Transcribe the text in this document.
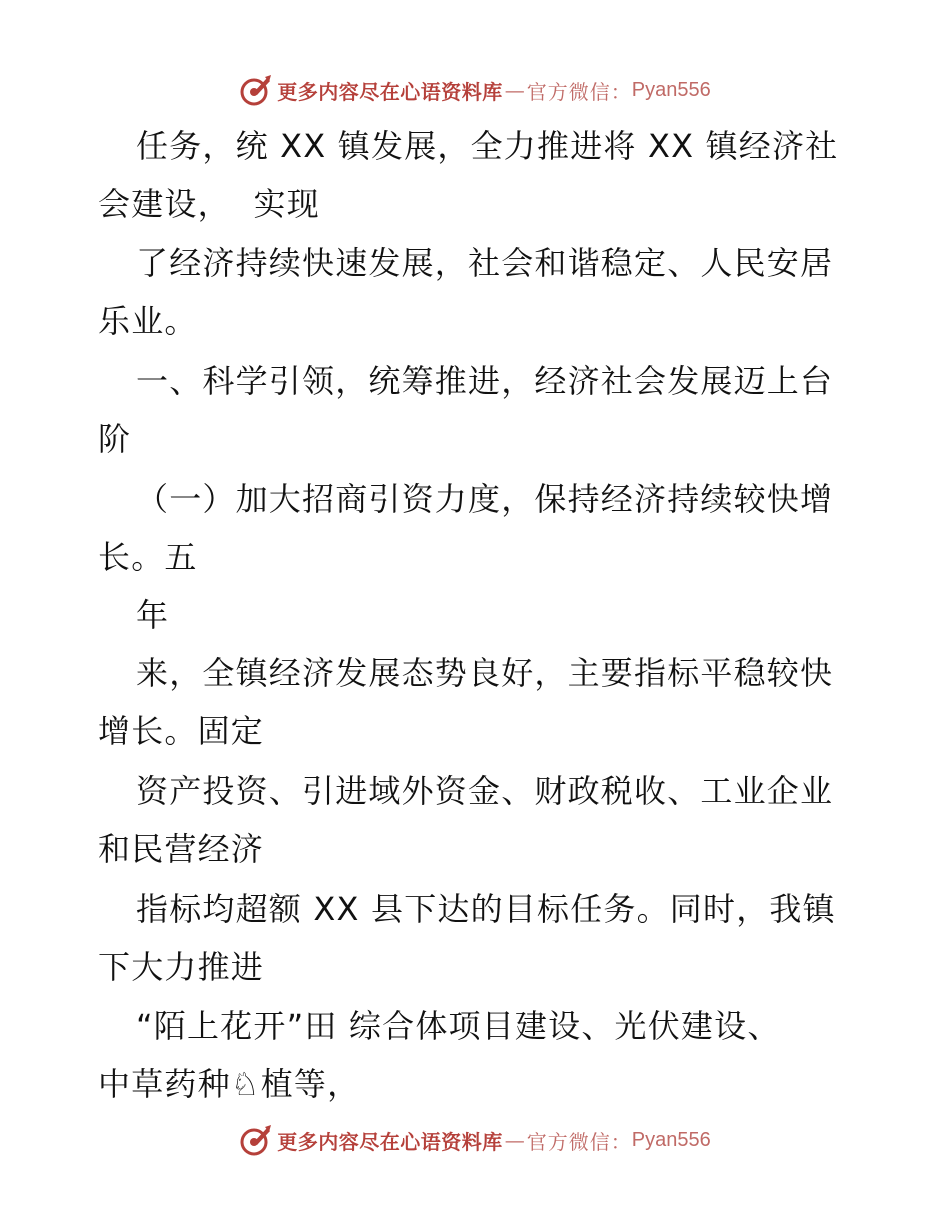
更多内容尽在心语资料库 — 官方微信： Pyan556
任务，统 XX 镇发展，全力推进将 XX 镇经济社
会建设，  实现
了经济持续快速发展，社会和谐稳定、人民安居
乐业。
一、科学引领，统筹推进，经济社会发展迈上台
阶
（一）加大招商引资力度，保持经济持续较快增
长。五
年
来，全镇经济发展态势良好，主要指标平稳较快
增长。固定
资产投资、引进域外资金、财政税收、工业企业
和民营经济
指标均超额 XX 县下达的目标任务。同时，我镇
下大力推进
“陌上花开”田 综合体项目建设、光伏建设、
中草药种♘植等，
更多内容尽在心语资料库 — 官方微信： Pyan556
